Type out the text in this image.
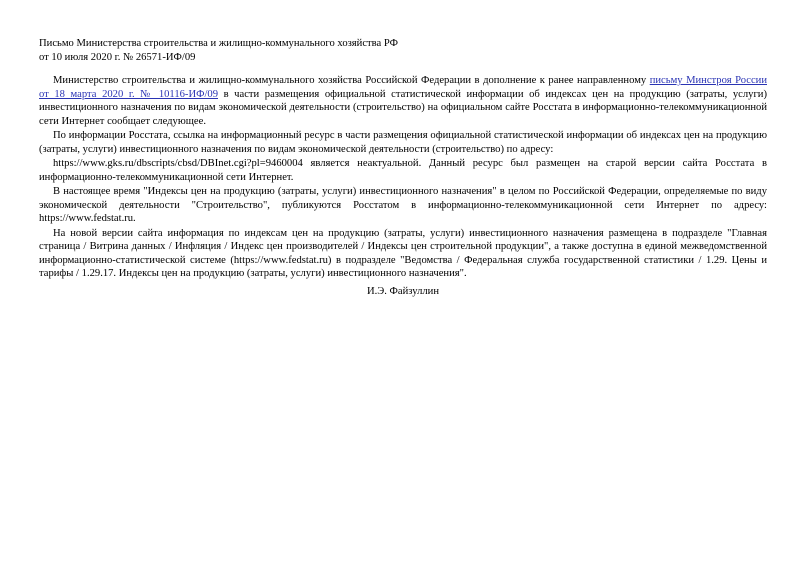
Письмо Министерства строительства и жилищно-коммунального хозяйства РФ от 10 июля 2020 г. № 26571-ИФ/09

Министерство строительства и жилищно-коммунального хозяйства Российской Федерации в дополнение к ранее направленному письму Минстроя России от 18 марта 2020 г. № 10116-ИФ/09 в части размещения официальной статистической информации об индексах цен на продукцию (затраты, услуги) инвестиционного назначения по видам экономической деятельности (строительство) на официальном сайте Росстата в информационно-телекоммуникационной сети Интернет сообщает следующее.

По информации Росстата, ссылка на информационный ресурс в части размещения официальной статистической информации об индексах цен на продукцию (затраты, услуги) инвестиционного назначения по видам экономической деятельности (строительство) по адресу:

https://www.gks.ru/dbscripts/cbsd/DBInet.cgi?pl=9460004 является неактуальной. Данный ресурс был размещен на старой версии сайта Росстата в информационно-телекоммуникационной сети Интернет.

В настоящее время "Индексы цен на продукцию (затраты, услуги) инвестиционного назначения" в целом по Российской Федерации, определяемые по виду экономической деятельности "Строительство", публикуются Росстатом в информационно-телекоммуникационной сети Интернет по адресу: https://www.fedstat.ru.

На новой версии сайта информация по индексам цен на продукцию (затраты, услуги) инвестиционного назначения размещена в подразделе "Главная страница / Витрина данных / Инфляция / Индекс цен производителей / Индексы цен строительной продукции", а также доступна в единой межведомственной информационно-статистической системе (https://www.fedstat.ru) в подразделе "Ведомства / Федеральная служба государственной статистики / 1.29. Цены и тарифы / 1.29.17. Индексы цен на продукцию (затраты, услуги) инвестиционного назначения".

И.Э. Файзуллин
